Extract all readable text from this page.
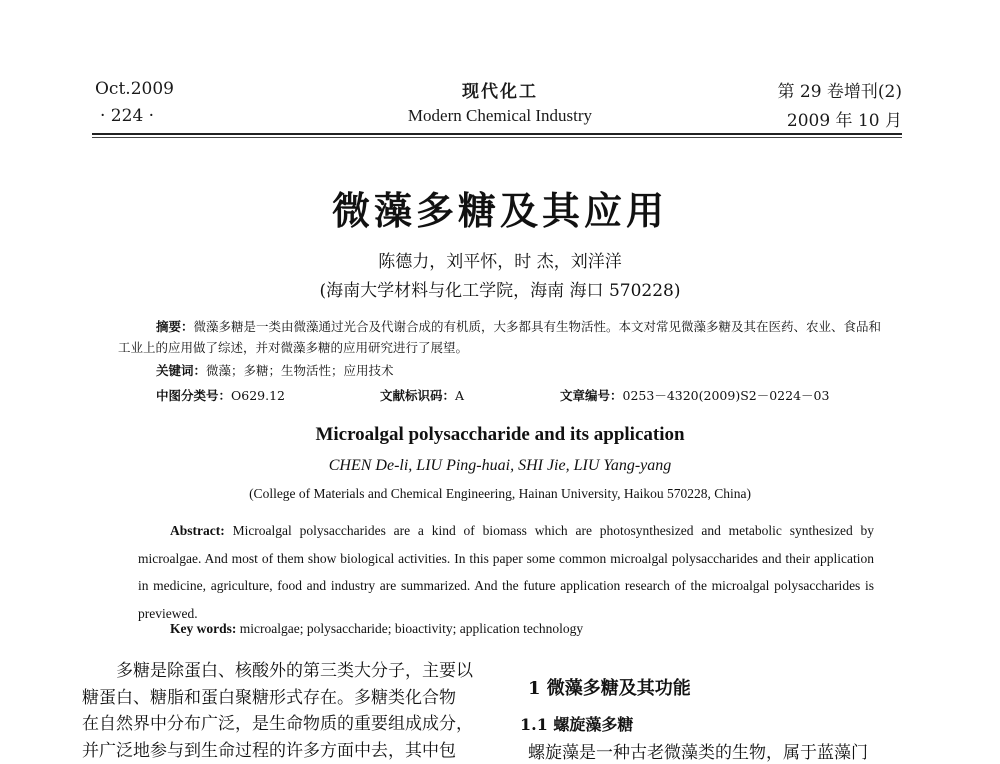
Oct.2009
· 224 ·
现代化工
Modern Chemical Industry
第 29 卷增刊(2)
2009 年 10 月
微藻多糖及其应用
陈德力，刘平怀，时 杰，刘洋洋
(海南大学材料与化工学院，海南 海口 570228)
摘要：微藻多糖是一类由微藻通过光合及代谢合成的有机质，大多都具有生物活性。本文对常见微藻多糖及其在医药、农业、食品和工业上的应用做了综述，并对微藻多糖的应用研究进行了展望。
关键词：微藻；多糖；生物活性；应用技术
中图分类号：O629.12	文献标识码：A	文章编号：0253－4320(2009)S2－0224－03
Microalgal polysaccharide and its application
CHEN De-li, LIU Ping-huai, SHI Jie, LIU Yang-yang
(College of Materials and Chemical Engineering, Hainan University, Haikou 570228, China)
Abstract: Microalgal polysaccharides are a kind of biomass which are photosynthesized and metabolic synthesized by microalgae. And most of them show biological activities. In this paper some common microalgal polysaccharides and their application in medicine, agriculture, food and industry are summarized. And the future application research of the microalgal polysaccharides is previewed.
Key words: microalgae; polysaccharide; bioactivity; application technology
多糖是除蛋白、核酸外的第三类大分子，主要以
糖蛋白、糖脂和蛋白聚糖形式存在。多糖类化合物
在自然界中分布广泛，是生命物质的重要组成成分，
并广泛地参与到生命过程的许多方面中去，其中包
1 微藻多糖及其功能
1.1 螺旋藻多糖
螺旋藻是一种古老微藻类的生物，属于蓝藻门
